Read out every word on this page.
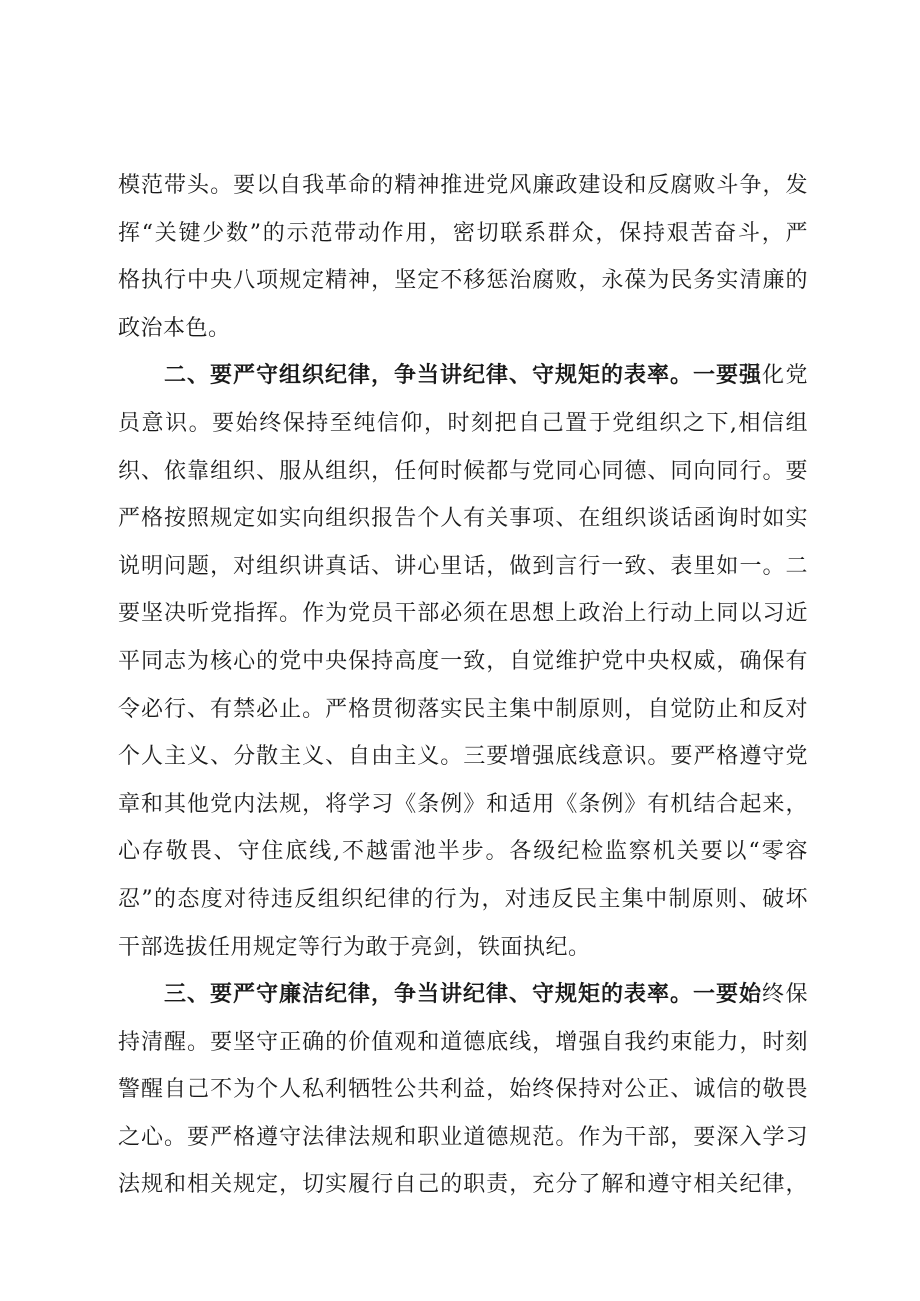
模范带头。要以自我革命的精神推进党风廉政建设和反腐败斗争，发
挥“关键少数”的示范带动作用，密切联系群众，保持艰苦奋斗，严
格执行中央八项规定精神，坚定不移惩治腐败，永葆为民务实清廉的
政治本色。
二、要严守组织纪律，争当讲纪律、守规矩的表率。一要强化党
员意识。要始终保持至纯信仰，时刻把自己置于党组织之下,相信组
织、依靠组织、服从组织，任何时候都与党同心同德、同向同行。要
严格按照规定如实向组织报告个人有关事项、在组织谈话函询时如实
说明问题，对组织讲真话、讲心里话，做到言行一致、表里如一。二
要坚决听党指挥。作为党员干部必须在思想上政治上行动上同以习近
平同志为核心的党中央保持高度一致，自觉维护党中央权威，确保有
令必行、有禁必止。严格贯彻落实民主集中制原则，自觉防止和反对
个人主义、分散主义、自由主义。三要增强底线意识。要严格遵守党
章和其他党内法规，将学习《条例》和适用《条例》有机结合起来，
心存敬畏、守住底线,不越雷池半步。各级纪检监察机关要以“零容
忍”的态度对待违反组织纪律的行为，对违反民主集中制原则、破坏
干部选拔任用规定等行为敢于亮剑，铁面执纪。
三、要严守廉洁纪律，争当讲纪律、守规矩的表率。一要始终保
持清醒。要坚守正确的价值观和道德底线，增强自我约束能力，时刻
警醒自己不为个人私利牺牲公共利益，始终保持对公正、诚信的敬畏
之心。要严格遵守法律法规和职业道德规范。作为干部，要深入学习
法规和相关规定，切实履行自己的职责，充分了解和遵守相关纪律，
